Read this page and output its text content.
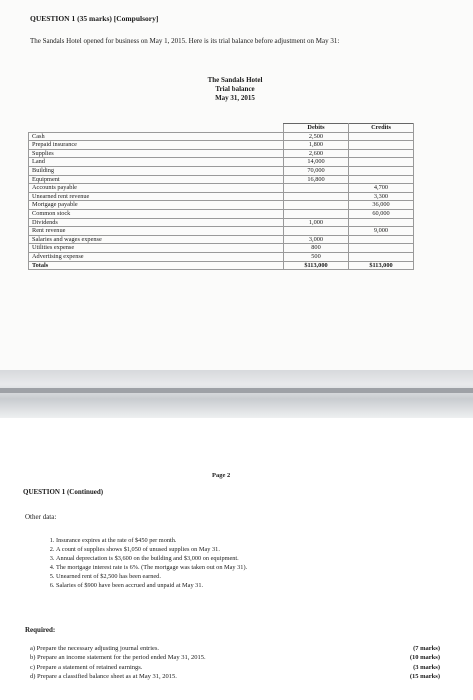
QUESTION 1 (35 marks) [Compulsory]
The Sandals Hotel opened for business on May 1, 2015. Here is its trial balance before adjustment on May 31:
The Sandals Hotel
Trial balance
May 31, 2015
	Debits	Credits
Cash	2,500	
Prepaid insurance	1,800	
Supplies	2,600	
Land	14,000	
Building	70,000	
Equipment	16,800	
Accounts payable		4,700
Unearned rent revenue		3,300
Mortgage payable		36,000
Common stock		60,000
Dividends	1,000	
Rent revenue		9,000
Salaries and wages expense	3,000	
Utilities expense	800	
Advertising expense	500	
Totals	$113,000	$113,000
Page 2
QUESTION 1 (Continued)
Other data:
1. Insurance expires at the rate of $450 per month.
2. A count of supplies shows $1,050 of unused supplies on May 31.
3. Annual depreciation is $3,600 on the building and $3,000 on equipment.
4. The mortgage interest rate is 6%. (The mortgage was taken out on May 31).
5. Unearned rent of $2,500 has been earned.
6. Salaries of $900 have been accrued and unpaid at May 31.
Required:
a) Prepare the necessary adjusting journal entries.	(7 marks)
b) Prepare an income statement for the period ended May 31, 2015.	(10 marks)
c) Prepare a statement of retained earnings.	(3 marks)
d) Prepare a classified balance sheet as at May 31, 2015.	(15 marks)
